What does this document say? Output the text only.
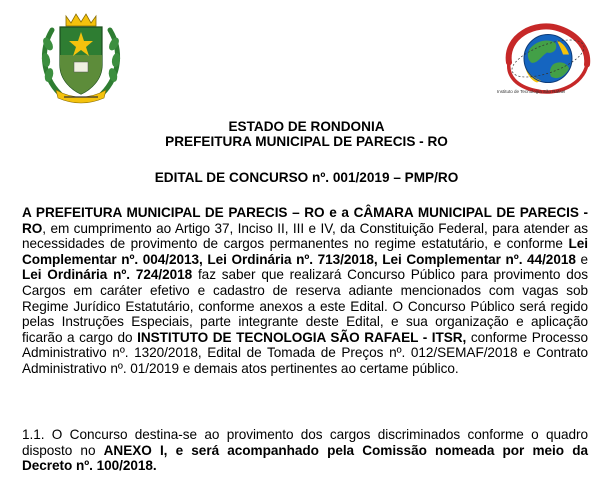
Instituto de Tecnologia São Rafael
ESTADO DE RONDONIA
PREFEITURA MUNICIPAL DE PARECIS - RO
EDITAL DE CONCURSO nº. 001/2019 – PMP/RO
A PREFEITURA MUNICIPAL DE PARECIS – RO e a CÂMARA MUNICIPAL DE PARECIS - RO, em cumprimento ao Artigo 37, Inciso II, III e IV, da Constituição Federal, para atender as necessidades de provimento de cargos permanentes no regime estatutário, e conforme Lei Complementar nº. 004/2013, Lei Ordinária nº. 713/2018, Lei Complementar nº. 44/2018 e Lei Ordinária nº. 724/2018 faz saber que realizará Concurso Público para provimento dos Cargos em caráter efetivo e cadastro de reserva adiante mencionados com vagas sob Regime Jurídico Estatutário, conforme anexos a este Edital. O Concurso Público será regido pelas Instruções Especiais, parte integrante deste Edital, e sua organização e aplicação ficarão a cargo do INSTITUTO DE TECNOLOGIA SÃO RAFAEL - ITSR, conforme Processo Administrativo nº. 1320/2018, Edital de Tomada de Preços nº. 012/SEMAF/2018 e Contrato Administrativo nº. 01/2019 e demais atos pertinentes ao certame público.
1.1. O Concurso destina-se ao provimento dos cargos discriminados conforme o quadro disposto no ANEXO I, e será acompanhado pela Comissão nomeada por meio da Decreto nº. 100/2018.
